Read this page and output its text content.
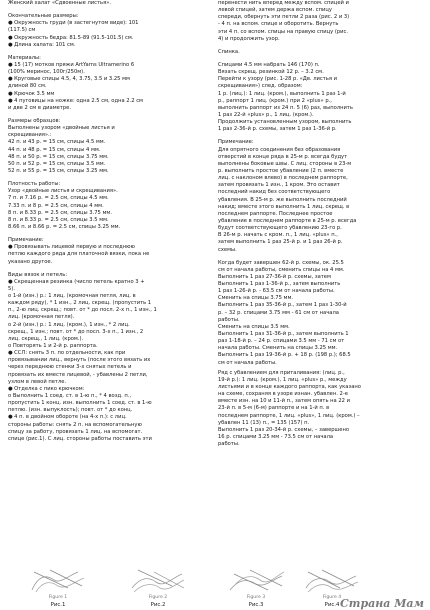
Женский халат «Сдвоенные листья».
Окончательные размеры:
● Окружность груди (в застегнутом виде): 101
(117.5) см
● Окружность бедра: 81.5-89 (91.5-101.5) см.
● Длина халата: 101 см.
Материалы:
● 15 (17) мотков пряжи ArtYarns Ultramerino 6
(100% мериноc, 100г/250м).
● Круговые спицы 4.5, 4, 3.75, 3.5 и 3.25 мм
длиной 80 см.
● Крючок 3.5 мм
● 4 пуговицы на ножке: одна 2.5 см, одна 2.2 см
и две 2 см в диаметре.
Размеры образцов:
Выполнены узором «двойные листья и
скрещивания».:
42 п. и 43 р. = 15 см, спицы 4.5 мм.
44 п. и 48 р. = 15 см, спицы 4 мм.
48 п. и 50 р. = 15 см, спицы 3.75 мм.
50 п. и 52 р. = 15 см, спицы 3.5 мм.
52 п. и 55 р. = 15 см, спицы 3.25 мм.
Плотность работы:
Узор «двойные листья и скрещивания».
7 п. и 7.16 р. = 2.5 см, спицы 4.5 мм.
7.33 п. и 8 р. = 2.5 см, спицы 4 мм.
8 п. и 8.33 р. = 2.5 см, спицы 3.75 мм.
8 п. и 8.33 р. = 2.5 см, спицы 3.5 мм.
8.66 п. и 8.66 р. = 2.5 см, спицы 3.25 мм.
Примечание:
● Провязывать лицевой первую и последнюю
петлю каждого ряда для платочной вязки, пока не
указано другое.
Виды вязок и петель:
● Скрещенная резинка (число петель кратно 3 +
5).
о 1-й (изн.) р.: 1 лиц. (кромочная петля, лиц. в
каждом ряду), * 1 изн., 2 лиц. скрещ. (пропустить 1
п., 2-ю лиц. скрещ.; повт. от * до посл. 2-х п., 1 изн., 1
лиц. (кромочная петля).
о 2-й (изн.) р.: 1 лиц. (кром.), 1 изн., * 2 лиц.
скрещ., 1 изн.; повт. от * до посл. 3-х п., 1 изн., 2
лиц. скрещ., 1 лиц. (кром.).
о Повторять 1 и 2-й р. раппорта.
● ССЛ: снять 3 п. по отдельности, как при
провязывании лиц., вернуть (после этого вязать их
через переднюю стенки 3-х снятых петель и
провязать их вместе лицевой, - убавлены 2 петли,
узлом в левой петле.
● Отделка с пико крючком:
о Выполнить 1 соед. ст. в 1-ю п., * 4 возд. п.,
пропустить 1 конц. изн. выполнить 1 соед. ст. в 1-ю
петлю. (изн. выпуклость); повт. от * до конц.
● 4 п. в двойном обороте (на 4-х п.): с лиц.
стороны работы: снять 2 п. на вспомогательную
спицу за работу, провязать 1 лиц. на вспомогат.
спице (рис.1). С лиц. стороны работы поставить эти
перенести нить вперед между вспом. спицей и
левой спицей, затем держа вспом. спицу
спереди, обернуть эти петли 2 раза (рис. 2 и 3)
- 4 п. на вспом. спице и оборотить. Вернуть
эти 4 п. со вспом. спицы на правую спицу (рис.
4) и продолжить узор.
Спинка.
Спицами 4.5 мм набрать 146 (170) п.
Вязать скрещ. резинкой 12 р. – 3.2 см.
Перейти к узору (рис. 1-28 р. «Дв. листья и
скрещивания») след. образом:
1 р. (лиц.): 1 лиц. (кром.), выполнить 1 раз 1-й
р., раппорт 1 лиц. (кром.) при 2 «plus» р.,
выполнить раппорт из 24 п. 5 (6) раз, выполнить
1 раз 22-й «plus» р., 1 лиц. (кром.).
Продолжить установленным узором, выполнить
1 раз 2-36-й р. схемы, затем 1 раз 1-36-й р.
Примечание:
Для опрятного соединения без образования
отверстий в конце ряда в 25-м р. всегда будут
выполнены боковые швы. С лиц. стороны в 23-м
р. выполнить простое убавление (2 п. вместе
лиц. с наклоном влево) в последнем раппорте,
затем провязать 1 изн., 1 кром. Это оставит
последний накид без соответствующего
убавления. В 25-м р. же выполнить последний
накид; вместе этого выполнить 1 лиц. скрещ. в
последнем раппорте. Последнее простое
убавление в последнем раппорте в 25-м р. всегда
будут соответствующего убавлению 23-го р.
В 26-м р. начать с кром. п., 1 лиц. «plus» п.,
затем выполнить 1 раз 25-й р. и 1 раз 26-й р.
схемы.
Когда будет завершен 62-й р. схемы, ок. 25.5
см от начала работы, сменить спицы на 4 мм.
Выполнить 1 раз 27-36-й р. схемы, затем
Выполнить 1 раз 1-36-й р., затем выполнить
1 раз 1-26-й р. - 63.5 см от начала работы.
Сменить на спицы 3.75 мм.
Выполнить 1 раз 35-36-й р., затем 1 раз 1-30-й
р. – 32 р. спицами 3.75 мм - 61 см от начала
работы.
Сменить на спицы 3.5 мм.
Выполнить 1 раз 31-36-й р., затем выполнить 1
раз 1-18-й р. – 24 р. спицами 3.5 мм - 71 см от
начала работы. Сменить на спицы 3.25 мм.
Выполнить 1 раз 19-36-й р. + 18 р. (198 р.); 68.5
см от начала работы.
Ряд с убавлением для приталивания: (лиц. р.,
19-й р.): 1 лиц. (кром.), 1 лиц. «plus» р., между
листьями и в конце каждого раппорта, как указано
на схеме, сохраняя в узоре изнан. убавлен. 2-е
вместе изн. на 10 и 11-й п., затем опять на 22 и
23-й п. в 5-м (6-м) раппорте и на 1-й п. в
последнем раппорте, 1 лиц. «plus», 1 лиц. (кром.) –
убавлен 11 (13) п., = 135 (157) п.
Выполнить 1 раз 20-34-й р. схемы, – завершено
16 р. спицами 3.25 мм - 73.5 см от начала
работы.
Figure 1
Рис.1
Figure 2
Рис.2
Figure 3
Рис.3
Figure 4
Рис.4 Страна Мам
